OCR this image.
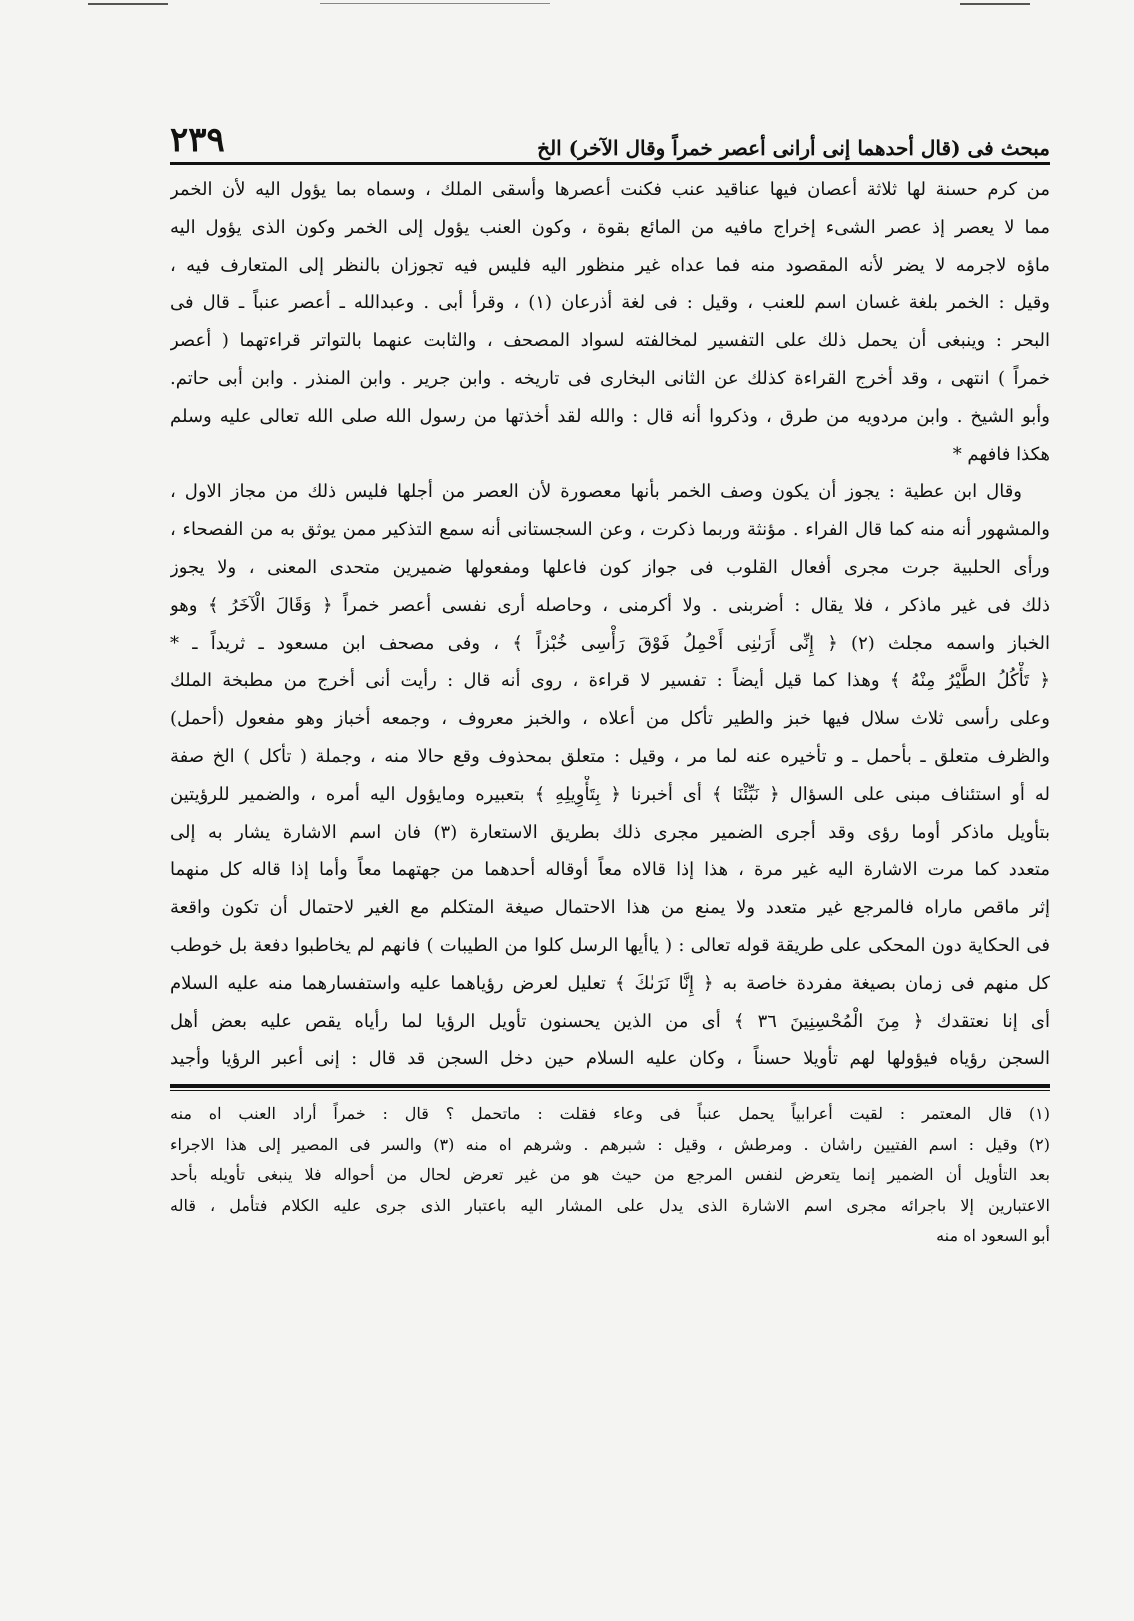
مبحث فى (قال أحدهما إنى أرانى أعصر خمراً وقال الآخر) الخ
٢٣٩
من كرم حسنة لها ثلاثة أعصان فيها عناقيد عنب فكنت أعصرها وأسقى الملك ، وسماه بما يؤول اليه لأن الخمر
مما لا يعصر إذ عصر الشىء إخراج مافيه من المائع بقوة ، وكون العنب يؤول إلى الخمر وكون الذى يؤول اليه
ماؤه لاجرمه لا يضر لأنه المقصود منه فما عداه غير منظور اليه فليس فيه تجوزان بالنظر إلى المتعارف فيه ،
وقيل : الخمر بلغة غسان اسم للعنب ، وقيل : فى لغة أذرعان (١) ، وقرأ أبى . وعبدالله ـ أعصر عنباً ـ قال فى
البحر : وينبغى أن يحمل ذلك على التفسير لمخالفته لسواد المصحف ، والثابت عنهما بالتواتر قراءتهما ( أعصر
خمراً ) انتهى ، وقد أخرج القراءة كذلك عن الثانى البخارى فى تاريخه . وابن جرير . وابن المنذر . وابن أبى حاتم.
وأبو الشيخ . وابن مردويه من طرق ، وذكروا أنه قال : والله لقد أخذتها من رسول الله صلى الله تعالى عليه وسلم
هكذا فافهم *
وقال ابن عطية : يجوز أن يكون وصف الخمر بأنها معصورة لأن العصر من أجلها فليس ذلك من مجاز الاول ،
والمشهور أنه منه كما قال الفراء . مؤنثة وربما ذكرت ، وعن السجستانى أنه سمع التذكير ممن يوثق به من الفصحاء ،
ورأى الحلبية جرت مجرى أفعال القلوب فى جواز كون فاعلها ومفعولها ضميرين متحدى المعنى ، ولا يجوز
ذلك فى غير ماذكر ، فلا يقال : أضربنى . ولا أكرمنى ، وحاصله أرى نفسى أعصر خمراً ﴿ وَقَالَ الْآخَرُ ﴾ وهو
الخباز واسمه مجلث (٢) ﴿ إِنِّى أَرَىٰنِى أَحْمِلُ فَوْقَ رَأْسِى خُبْزاً ﴾ ، وفى مصحف ابن مسعود ـ ثريداً ـ *
﴿ تَأْكُلُ الطَّيْرُ مِنْهُ ﴾ وهذا كما قيل أيضاً : تفسير لا قراءة ، روى أنه قال : رأيت أنى أخرج من مطبخة الملك
وعلى رأسى ثلاث سلال فيها خبز والطير تأكل من أعلاه ، والخبز معروف ، وجمعه أخباز وهو مفعول (أحمل)
والظرف متعلق ـ بأحمل ـ و تأخيره عنه لما مر ، وقيل : متعلق بمحذوف وقع حالا منه ، وجملة ( تأكل ) الخ صفة
له أو استئناف مبنى على السؤال ﴿ نَبِّئْنَا ﴾ أى أخبرنا ﴿ بِتَأْوِيلِهِ ﴾ بتعبيره ومايؤول اليه أمره ، والضمير للرؤيتين
بتأويل ماذكر أوما رؤى وقد أجرى الضمير مجرى ذلك بطريق الاستعارة (٣) فان اسم الاشارة يشار به إلى
متعدد كما مرت الاشارة اليه غير مرة ، هذا إذا قالاه معاً أوقاله أحدهما من جهتهما معاً وأما إذا قاله كل منهما
إثر ماقص ماراه فالمرجع غير متعدد ولا يمنع من هذا الاحتمال صيغة المتكلم مع الغير لاحتمال أن تكون واقعة
فى الحكاية دون المحكى على طريقة قوله تعالى : ( ياأيها الرسل كلوا من الطيبات ) فانهم لم يخاطبوا دفعة بل خوطب
كل منهم فى زمان بصيغة مفردة خاصة به ﴿ إِنَّا نَرَىٰكَ ﴾ تعليل لعرض رؤياهما عليه واستفسارهما منه عليه السلام
أى إنا نعتقدك ﴿ مِنَ الْمُحْسِنِينَ ٣٦ ﴾ أى من الذين يحسنون تأويل الرؤيا لما رأياه يقص عليه بعض أهل
السجن رؤياه فيؤولها لهم تأويلا حسناً ، وكان عليه السلام حين دخل السجن قد قال : إنى أعبر الرؤيا وأجيد
(١) قال المعتمر : لقيت أعرابياً يحمل عنباً فى وعاء فقلت : ماتحمل ؟ قال : خمراً أراد العنب اه منه
(٢) وقيل : اسم الفتيين راشان . ومرطش ، وقيل : شبرهم . وشرهم اه منه (٣) والسر فى المصير إلى هذا الاجراء
بعد التأويل أن الضمير إنما يتعرض لنفس المرجع من حيث هو من غير تعرض لحال من أحواله فلا ينبغى تأويله بأحد
الاعتبارين إلا باجرائه مجرى اسم الاشارة الذى يدل على المشار اليه باعتبار الذى جرى عليه الكلام فتأمل ، قاله
أبو السعود اه منه
